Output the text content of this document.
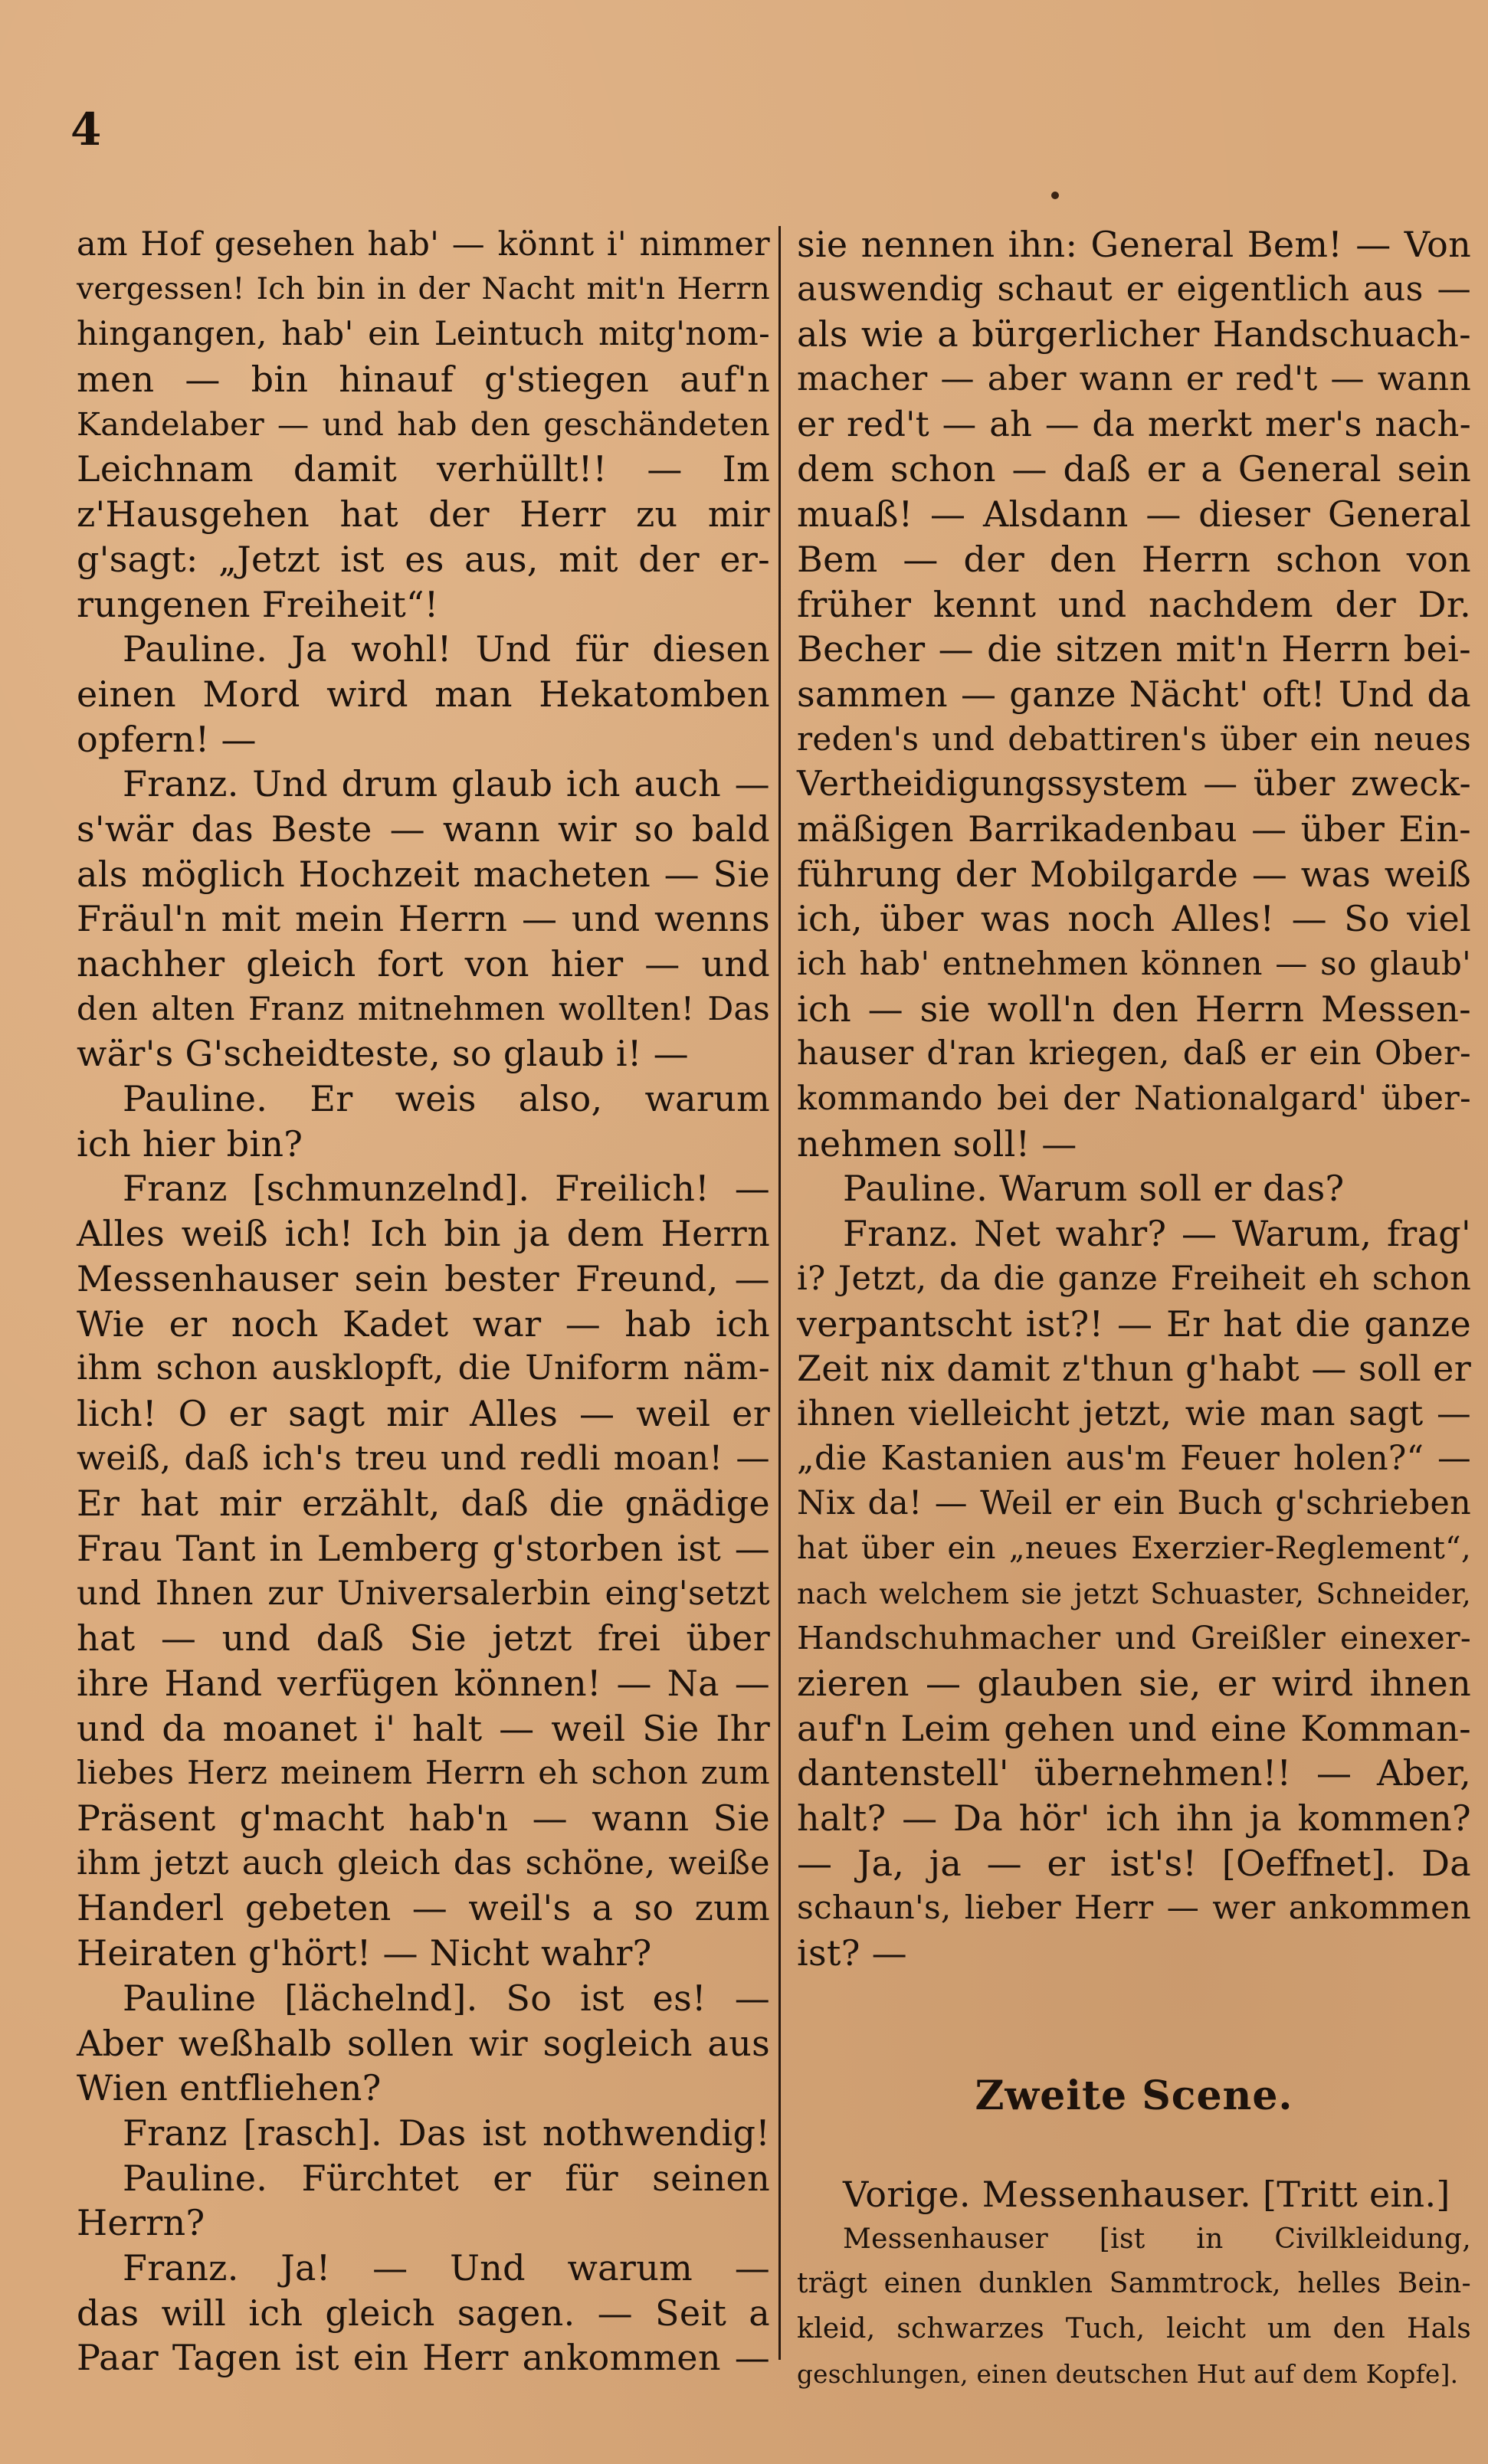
4
am Hof gesehen hab' — könnt i' nimmer
vergessen! Ich bin in der Nacht mit'n Herrn
hingangen, hab' ein Leintuch mitg'nom-
men — bin hinauf g'stiegen auf'n
Kandelaber — und hab den geschändeten
Leichnam damit verhüllt!! — Im
z'Hausgehen hat der Herr zu mir
g'sagt: „Jetzt ist es aus, mit der er-
rungenen Freiheit“!
Pauline. Ja wohl! Und für diesen
einen Mord wird man Hekatomben
opfern! —
Franz. Und drum glaub ich auch —
s'wär das Beste — wann wir so bald
als möglich Hochzeit macheten — Sie
Fräul'n mit mein Herrn — und wenns
nachher gleich fort von hier — und
den alten Franz mitnehmen wollten! Das
wär's G'scheidteste, so glaub i! —
Pauline. Er weis also, warum
ich hier bin?
Franz [schmunzelnd]. Freilich! —
Alles weiß ich! Ich bin ja dem Herrn
Messenhauser sein bester Freund, —
Wie er noch Kadet war — hab ich
ihm schon ausklopft, die Uniform näm-
lich! O er sagt mir Alles — weil er
weiß, daß ich's treu und redli moan! —
Er hat mir erzählt, daß die gnädige
Frau Tant in Lemberg g'storben ist —
und Ihnen zur Universalerbin eing'setzt
hat — und daß Sie jetzt frei über
ihre Hand verfügen können! — Na —
und da moanet i' halt — weil Sie Ihr
liebes Herz meinem Herrn eh schon zum
Präsent g'macht hab'n — wann Sie
ihm jetzt auch gleich das schöne, weiße
Handerl gebeten — weil's a so zum
Heiraten g'hört! — Nicht wahr?
Pauline [lächelnd]. So ist es! —
Aber weßhalb sollen wir sogleich aus
Wien entfliehen?
Franz [rasch]. Das ist nothwendig!
Pauline. Fürchtet er für seinen
Herrn?
Franz. Ja! — Und warum —
das will ich gleich sagen. — Seit a
Paar Tagen ist ein Herr ankommen —
sie nennen ihn: General Bem! — Von
auswendig schaut er eigentlich aus —
als wie a bürgerlicher Handschuach-
macher — aber wann er red't — wann
er red't — ah — da merkt mer's nach-
dem schon — daß er a General sein
muaß! — Alsdann — dieser General
Bem — der den Herrn schon von
früher kennt und nachdem der Dr.
Becher — die sitzen mit'n Herrn bei-
sammen — ganze Nächt' oft! Und da
reden's und debattiren's über ein neues
Vertheidigungssystem — über zweck-
mäßigen Barrikadenbau — über Ein-
führung der Mobilgarde — was weiß
ich, über was noch Alles! — So viel
ich hab' entnehmen können — so glaub'
ich — sie woll'n den Herrn Messen-
hauser d'ran kriegen, daß er ein Ober-
kommando bei der Nationalgard' über-
nehmen soll! —
Pauline. Warum soll er das?
Franz. Net wahr? — Warum, frag'
i? Jetzt, da die ganze Freiheit eh schon
verpantscht ist?! — Er hat die ganze
Zeit nix damit z'thun g'habt — soll er
ihnen vielleicht jetzt, wie man sagt —
„die Kastanien aus'm Feuer holen?“ —
Nix da! — Weil er ein Buch g'schrieben
hat über ein „neues Exerzier-Reglement“,
nach welchem sie jetzt Schuaster, Schneider,
Handschuhmacher und Greißler einexer-
zieren — glauben sie, er wird ihnen
auf'n Leim gehen und eine Komman-
dantenstell' übernehmen!! — Aber,
halt? — Da hör' ich ihn ja kommen?
— Ja, ja — er ist's! [Oeffnet]. Da
schaun's, lieber Herr — wer ankommen
ist? —
Zweite Scene.
Vorige. Messenhauser. [Tritt ein.]
Messenhauser [ist in Civilkleidung,
trägt einen dunklen Sammtrock, helles Bein-
kleid, schwarzes Tuch, leicht um den Hals
geschlungen, einen deutschen Hut auf dem Kopfe].
